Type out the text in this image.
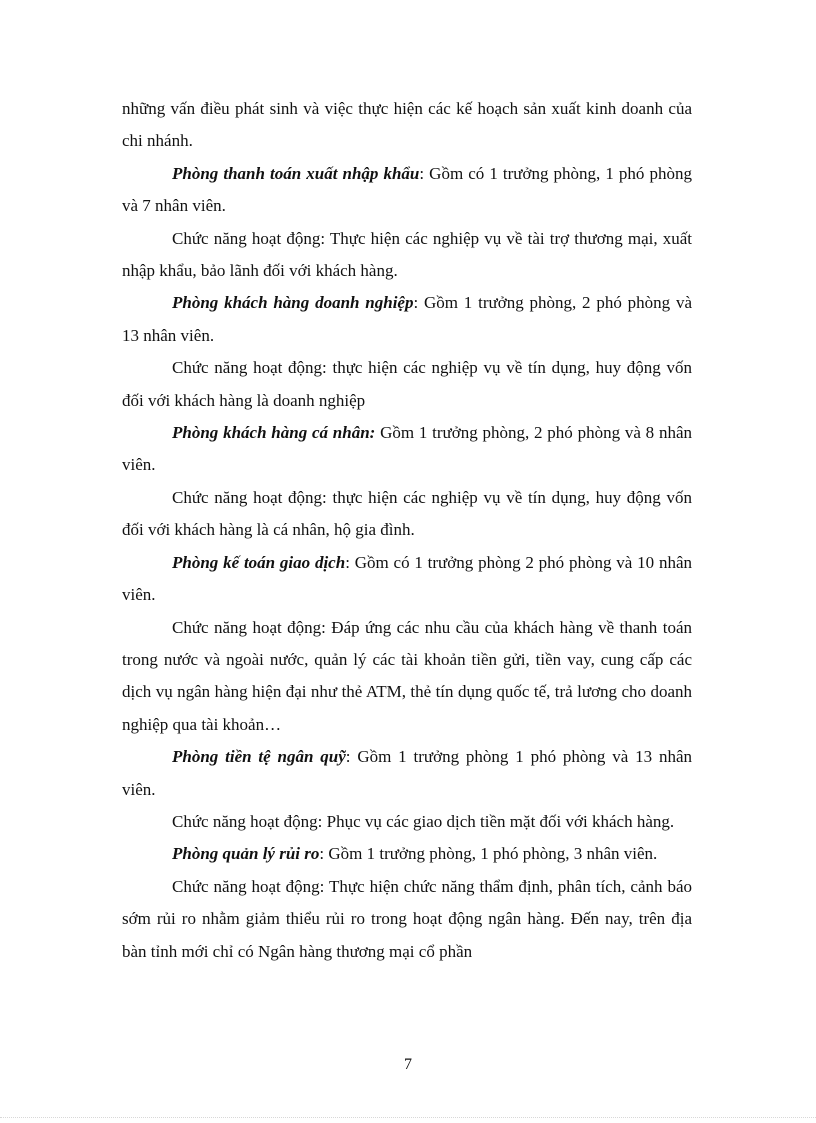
những vấn điều phát sinh và việc thực hiện các kế hoạch sản xuất kinh doanh của chi nhánh.

Phòng thanh toán xuất nhập khẩu: Gồm có 1 trưởng phòng, 1 phó phòng và 7 nhân viên.

Chức năng hoạt động: Thực hiện các nghiệp vụ về tài trợ thương mại, xuất nhập khẩu, bảo lãnh đối với khách hàng.

Phòng khách hàng doanh nghiệp: Gồm 1 trưởng phòng, 2 phó phòng và 13 nhân viên.

Chức năng hoạt động: thực hiện các nghiệp vụ về tín dụng, huy động vốn đối với khách hàng là doanh nghiệp

Phòng khách hàng cá nhân: Gồm 1 trưởng phòng, 2 phó phòng và 8 nhân viên.

Chức năng hoạt động: thực hiện các nghiệp vụ về tín dụng, huy động vốn đối với khách hàng là cá nhân, hộ gia đình.

Phòng kế toán giao dịch: Gồm có 1 trưởng phòng 2 phó phòng và 10 nhân viên.

Chức năng hoạt động: Đáp ứng các nhu cầu của khách hàng về thanh toán trong nước và ngoài nước, quản lý các tài khoản tiền gửi, tiền vay, cung cấp các dịch vụ ngân hàng hiện đại như thẻ ATM, thẻ tín dụng quốc tế, trả lương cho doanh nghiệp qua tài khoản…

Phòng tiền tệ ngân quỹ: Gồm 1 trưởng phòng 1 phó phòng và 13 nhân viên.

Chức năng hoạt động: Phục vụ các giao dịch tiền mặt đối với khách hàng.

Phòng quản lý rủi ro: Gồm 1 trưởng phòng, 1 phó phòng, 3 nhân viên.

Chức năng hoạt động: Thực hiện chức năng thẩm định, phân tích, cảnh báo sớm rủi ro nhằm giảm thiểu rủi ro trong hoạt động ngân hàng. Đến nay, trên địa bàn tỉnh mới chỉ có Ngân hàng thương mại cổ phần

7
